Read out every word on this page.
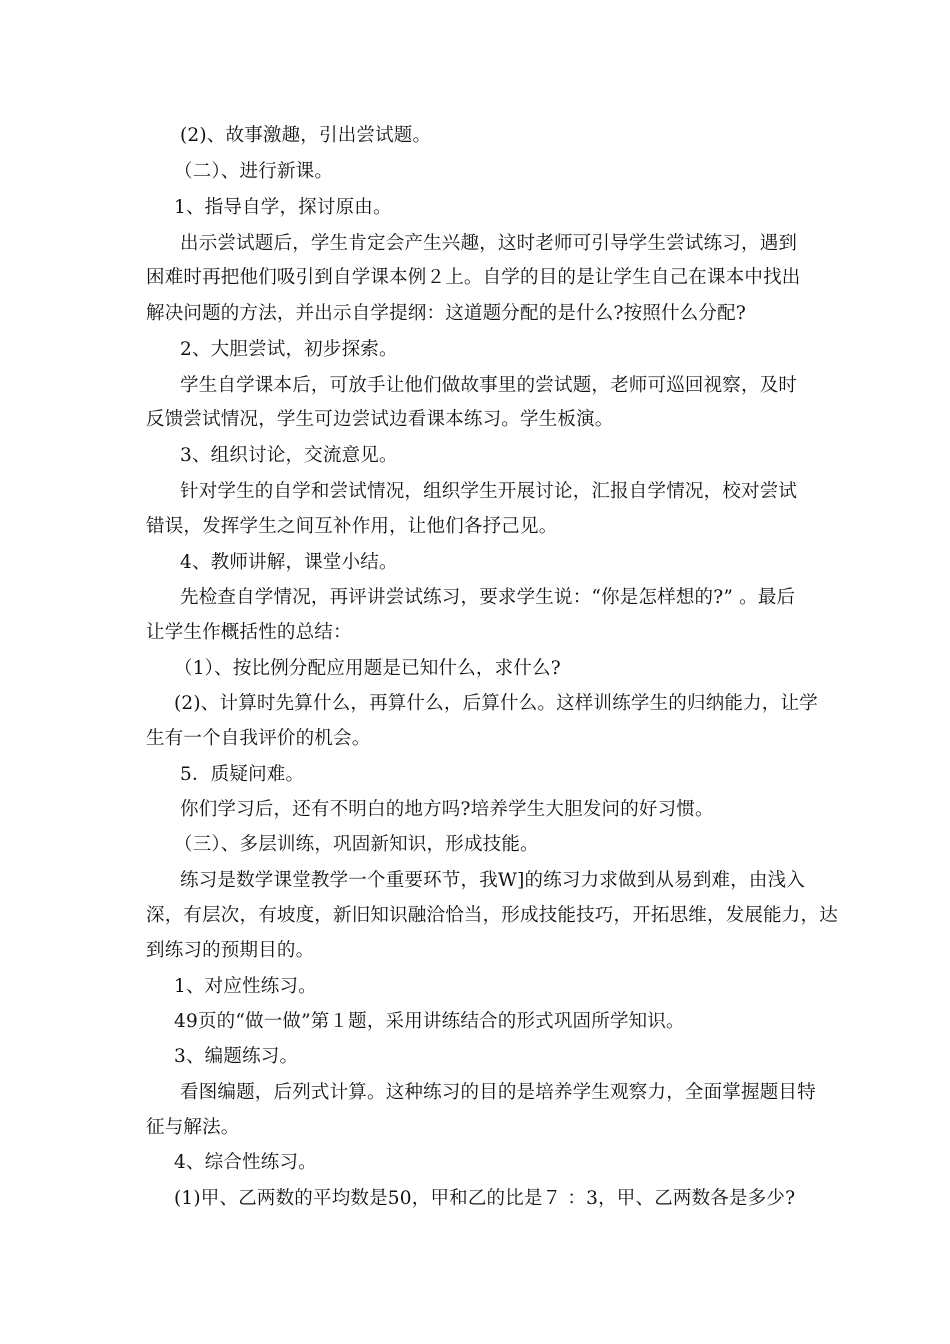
(2)、故事激趣，引出尝试题。
（二）、进行新课。
1、指导自学，探讨原由。
出示尝试题后，学生肯定会产生兴趣，这时老师可引导学生尝试练习，遇到
困难时再把他们吸引到自学课本例２上。自学的目的是让学生自己在课本中找出
解决问题的方法，并出示自学提纲：这道题分配的是什么?按照什么分配?
2、大胆尝试，初步探索。
学生自学课本后，可放手让他们做故事里的尝试题，老师可巡回视察，及时
反馈尝试情况，学生可边尝试边看课本练习。学生板演。
3、组织讨论，交流意见。
针对学生的自学和尝试情况，组织学生开展讨论，汇报自学情况，校对尝试
错误，发挥学生之间互补作用，让他们各抒己见。
4、教师讲解，课堂小结。
先检查自学情况，再评讲尝试练习，要求学生说：“你是怎样想的?” 。最后
让学生作概括性的总结：
（1）、按比例分配应用题是已知什么，求什么?
(2)、计算时先算什么，再算什么，后算什么。这样训练学生的归纳能力，让学
生有一个自我评价的机会。
5．质疑问难。
你们学习后，还有不明白的地方吗?培养学生大胆发问的好习惯。
（三）、多层训练，巩固新知识，形成技能。
练习是数学课堂教学一个重要环节，我W]的练习力求做到从易到难，由浅入
深，有层次，有坡度，新旧知识融洽恰当，形成技能技巧，开拓思维，发展能力，达
到练习的预期目的。
1、对应性练习。
49页的“做一做”第１题，采用讲练结合的形式巩固所学知识。
3、编题练习。
看图编题，后列式计算。这种练习的目的是培养学生观察力，全面掌握题目特
征与解法。
4、综合性练习。
(1)甲、乙两数的平均数是50，甲和乙的比是７ ：3，甲、乙两数各是多少?
